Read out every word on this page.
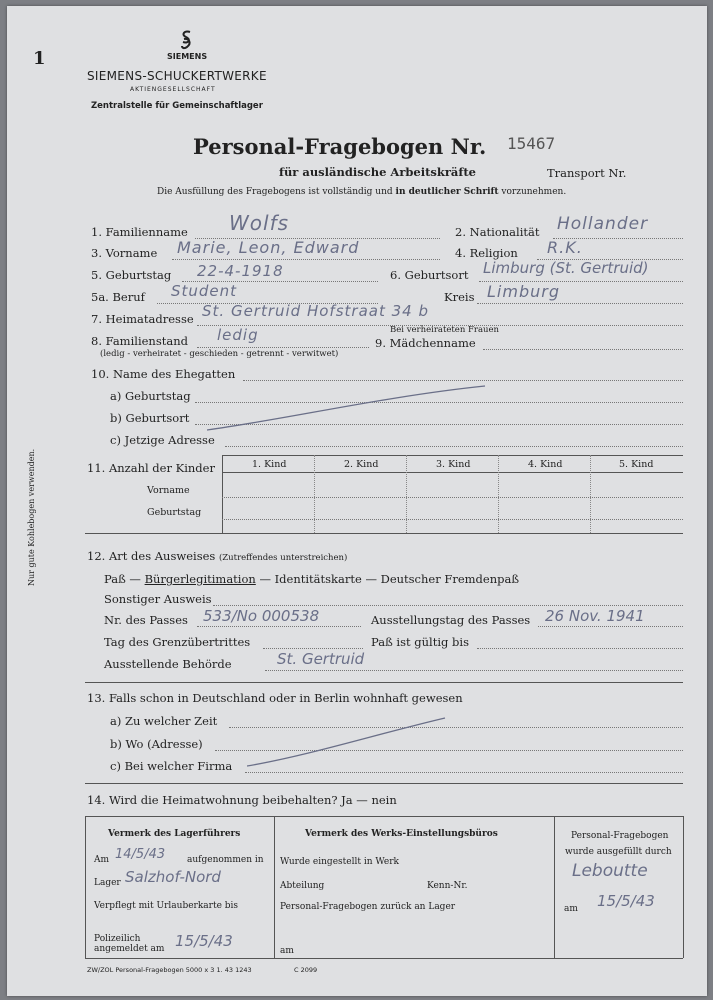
1	SIEMENS
SIEMENS-SCHUCKERTWERKE
AKTIENGESELLSCHAFT
Zentralstelle für Gemeinschaftlager
Personal-Fragebogen Nr. 15467
für ausländische Arbeitskräfte	Transport Nr.
Die Ausfüllung des Fragebogens ist vollständig und in deutlicher Schrift vorzunehmen.
Nur gute Kohlebogen verwenden.
1. Familienname Wolfs	2. Nationalität Hollander
3. Vorname Marie, Leon, Edward	4. Religion R.K.
5. Geburtstag 22-4-1918	6. Geburtsort Limburg (St. Gertruid)
5a. Beruf Student	Kreis Limburg
7. Heimatadresse St. Gertruid Hofstraat 34 b
Bei verheirateten Frauen
8. Familienstand ledig	9. Mädchenname
(ledig - verheiratet - geschieden - getrennt - verwitwet)
10. Name des Ehegatten
a) Geburtstag
b) Geburtsort
c) Jetzige Adresse
11. Anzahl der Kinder	1. Kind	2. Kind	3. Kind	4. Kind	5. Kind
Vorname
Geburtstag
12. Art des Ausweises (Zutreffendes unterstreichen)
Paß — Bürgerlegitimation — Identitätskarte — Deutscher Fremdenpaß
Sonstiger Ausweis
Nr. des Passes 533/No 000538	Ausstellungstag des Passes 26 Nov. 1941
Tag des Grenzübertrittes	Paß ist gültig bis
Ausstellende Behörde	St. Gertruid
13. Falls schon in Deutschland oder in Berlin wohnhaft gewesen
a) Zu welcher Zeit
b) Wo (Adresse)
c) Bei welcher Firma
14. Wird die Heimatwohnung beibehalten? Ja — nein
Vermerk des Lagerführers
Am 14/5/43 aufgenommen in
Lager Salzhof-Nord
Verpflegt mit Urlauberkarte bis
Polizeilich
angemeldet am 15/5/43
Vermerk des Werks-Einstellungsbüros
Wurde eingestellt in Werk
Abteilung	Kenn-Nr.
Personal-Fragebogen zurück an Lager
am
Personal-Fragebogen
wurde ausgefüllt durch
Leboutte
am 15/5/43
ZW/ZOL Personal-Fragebogen 5000 x 3 1. 43 1243	C 2099
